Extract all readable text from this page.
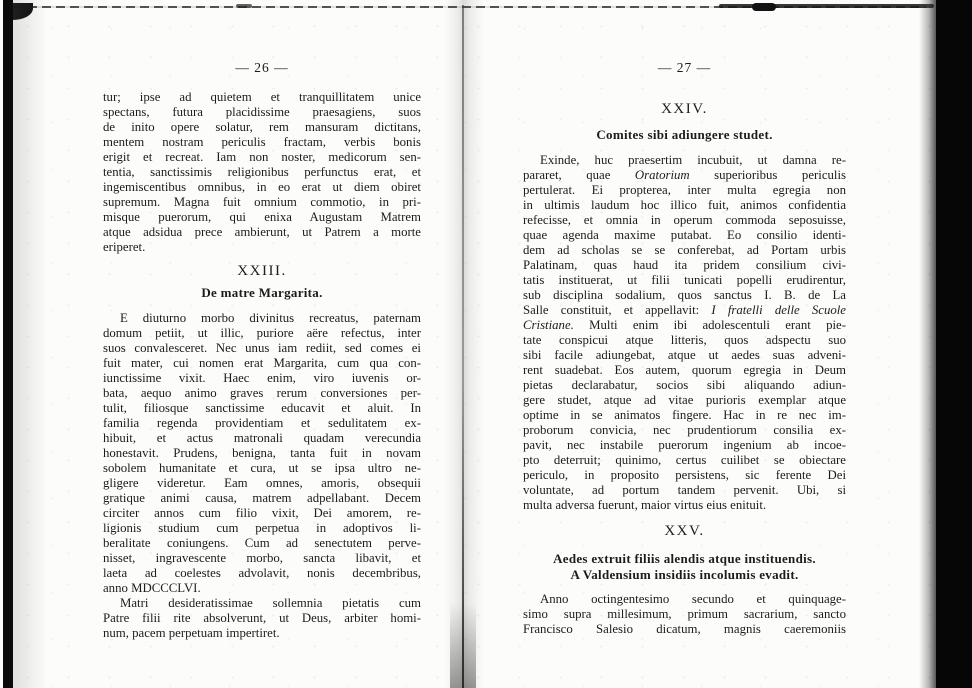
— 26 —
tur; ipse ad quietem et tranquillitatem unice
spectans, futura placidissime praesagiens, suos
de inito opere solatur, rem mansuram dictitans,
mentem nostram periculis fractam, verbis bonis
erigit et recreat. Iam non noster, medicorum sen-
tentia, sanctissimis religionibus perfunctus erat, et
ingemiscentibus omnibus, in eo erat ut diem obiret
supremum. Magna fuit omnium commotio, in pri-
misque puerorum, qui enixa Augustam Matrem
atque adsidua prece ambierunt, ut Patrem a morte
eriperet.
XXIII.
De matre Margarita.
E diuturno morbo divinitus recreatus, paternam
domum petiit, ut illic, puriore aëre refectus, inter
suos convalesceret. Nec unus iam rediit, sed comes ei
fuit mater, cui nomen erat Margarita, cum qua con-
iunctissime vixit. Haec enim, viro iuvenis or-
bata, aequo animo graves rerum conversiones per-
tulit, filiosque sanctissime educavit et aluit. In
familia regenda providentiam et sedulitatem ex-
hibuit, et actus matronali quadam verecundia
honestavit. Prudens, benigna, tanta fuit in novam
sobolem humanitate et cura, ut se ipsa ultro ne-
gligere videretur. Eam omnes, amoris, obsequii
gratique animi causa, matrem adpellabant. Decem
circiter annos cum filio vixit, Dei amorem, re-
ligionis studium cum perpetua in adoptivos li-
beralitate coniungens. Cum ad senectutem perve-
nisset, ingravescente morbo, sancta libavit, et
laeta ad coelestes advolavit, nonis decembribus,
anno MDCCCLVI.
Matri desideratissimae sollemnia pietatis cum
Patre filii rite absolverunt, ut Deus, arbiter homi-
num, pacem perpetuam impertiret.
— 27 —
XXIV.
Comites sibi adiungere studet.
Exinde, huc praesertim incubuit, ut damna re-
pararet, quae Oratorium superioribus periculis
pertulerat. Ei propterea, inter multa egregia non
in ultimis laudum hoc illico fuit, animos confidentia
refecisse, et omnia in operum commoda seposuisse,
quae agenda maxime putabat. Eo consilio identi-
dem ad scholas se se conferebat, ad Portam urbis
Palatinam, quas haud ita pridem consilium civi-
tatis instituerat, ut filii tunicati popelli erudirentur,
sub disciplina sodalium, quos sanctus I. B. de La
Salle constituit, et appellavit: I fratelli delle Scuole
Cristiane. Multi enim ibi adolescentuli erant pie-
tate conspicui atque litteris, quos adspectu suo
sibi facile adiungebat, atque ut aedes suas adveni-
rent suadebat. Eos autem, quorum egregia in Deum
pietas declarabatur, socios sibi aliquando adiun-
gere studet, atque ad vitae purioris exemplar atque
optime in se animatos fingere. Hac in re nec im-
proborum convicia, nec prudentiorum consilia ex-
pavit, nec instabile puerorum ingenium ab incoe-
pto deterruit; quinimo, certus cuilibet se obiectare
periculo, in proposito persistens, sic ferente Dei
voluntate, ad portum tandem pervenit. Ubi, si
multa adversa fuerunt, maior virtus eius enituit.
XXV.
Aedes extruit filiis alendis atque instituendis.
A Valdensium insidiis incolumis evadit.
Anno octingentesimo secundo et quinquage-
simo supra millesimum, primum sacrarium, sancto
Francisco Salesio dicatum, magnis caeremoniis
